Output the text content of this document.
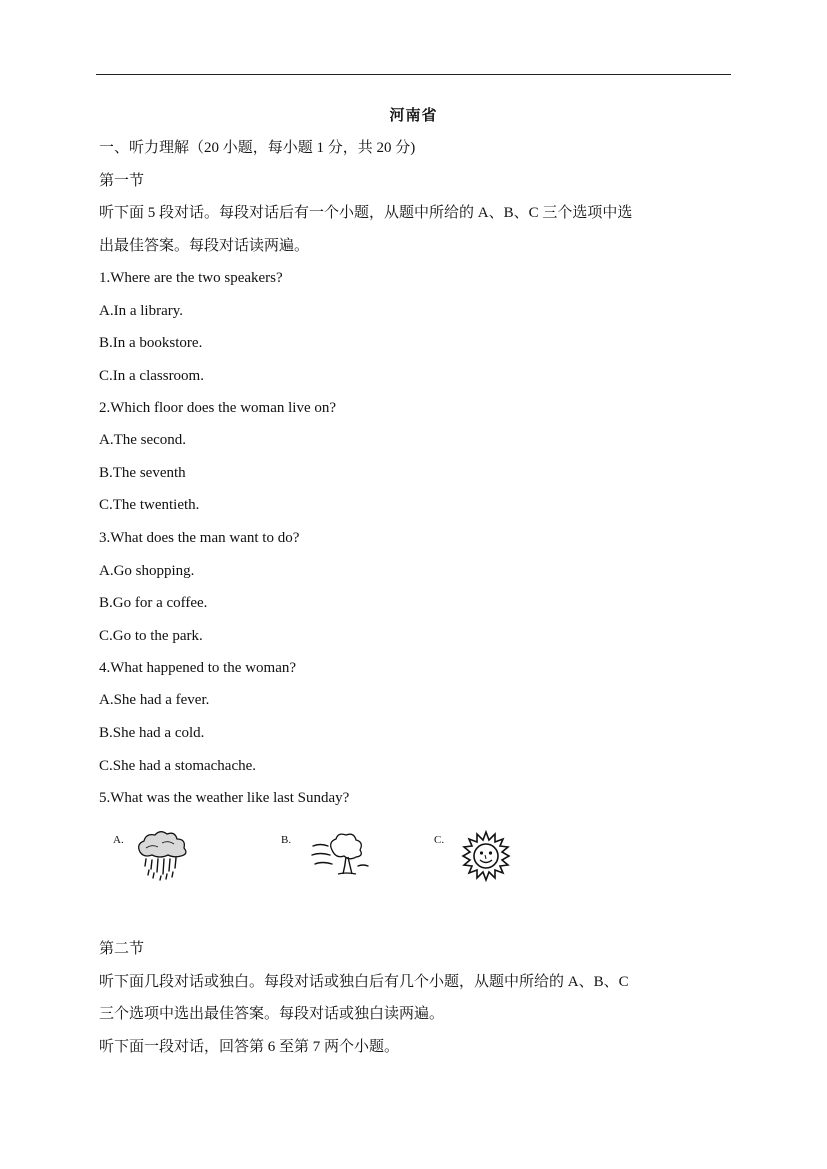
河南省
一、听力理解（20 小题，每小题 1 分，共 20 分)
第一节
听下面 5 段对话。每段对话后有一个小题，从题中所给的 A、B、C 三个选项中选
出最佳答案。每段对话读两遍。
1.Where are the two speakers?
A.In a library.
B.In a bookstore.
C.In a classroom.
2.Which floor does the woman live on?
A.The second.
B.The seventh
C.The twentieth.
3.What does the man want to do?
A.Go shopping.
B.Go for a coffee.
C.Go to the park.
4.What happened to the woman?
A.She had a fever.
B.She had a cold.
C.She had a stomachache.
5.What was the weather like last Sunday?
A.	B.	C.
第二节
听下面几段对话或独白。每段对话或独白后有几个小题，从题中所给的 A、B、C
三个选项中选出最佳答案。每段对话或独白读两遍。
听下面一段对话，回答第 6 至第 7 两个小题。
